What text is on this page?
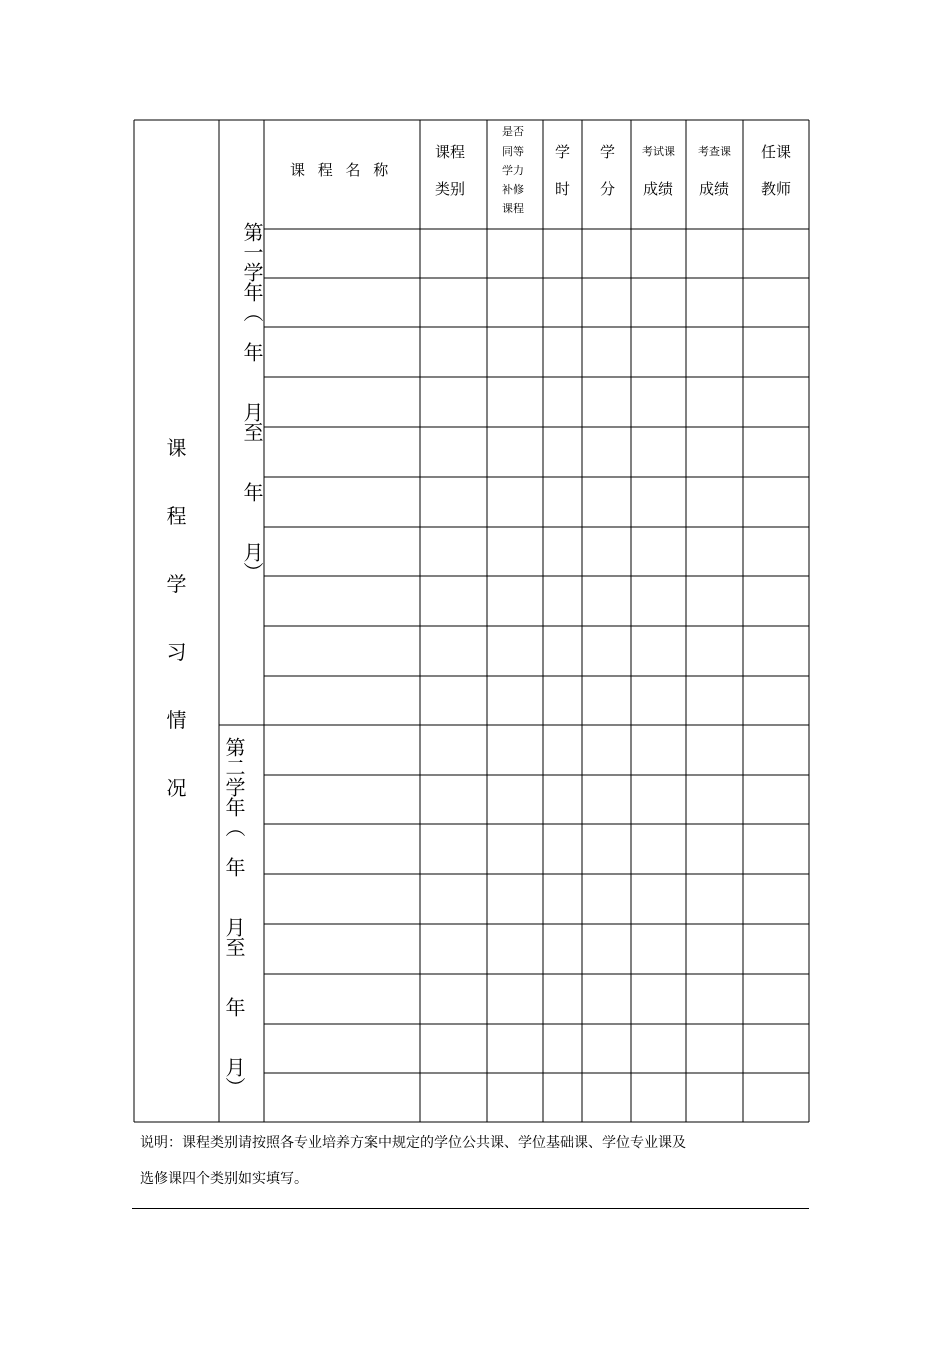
课 程 名 称
课程
类别
是否
同等
学力
补修
课程
学
时
学
分
考试课
成绩
考查课
成绩
任课
教师
课
程
学
习
情
况
第一学年（　年　　月至　　年　　月）
第二学年（　年　　月至　　年　　月）
说明：课程类别请按照各专业培养方案中规定的学位公共课、学位基础课、学位专业课及
选修课四个类别如实填写。
